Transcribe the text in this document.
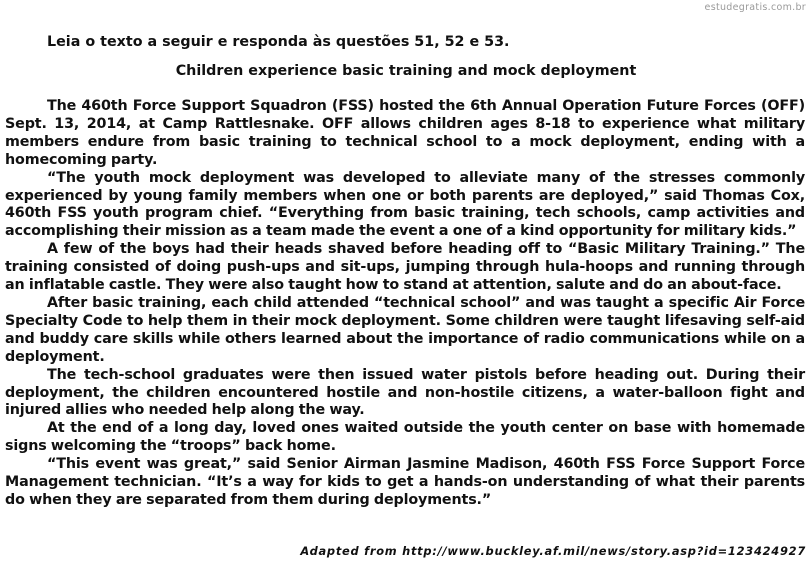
estudegratis.com.br
Leia o texto a seguir e responda às questões 51, 52 e 53.
Children experience basic training and mock deployment

The 460th Force Support Squadron (FSS) hosted the 6th Annual Operation Future Forces (OFF) Sept. 13, 2014, at Camp Rattlesnake. OFF allows children ages 8-18 to experience what military members endure from basic training to technical school to a mock deployment, ending with a homecoming party.

“The youth mock deployment was developed to alleviate many of the stresses commonly experienced by young family members when one or both parents are deployed,” said Thomas Cox, 460th FSS youth program chief. “Everything from basic training, tech schools, camp activities and accomplishing their mission as a team made the event a one of a kind opportunity for military kids.”

A few of the boys had their heads shaved before heading off to “Basic Military Training.” The training consisted of doing push-ups and sit-ups, jumping through hula-hoops and running through an inflatable castle. They were also taught how to stand at attention, salute and do an about-face.

After basic training, each child attended “technical school” and was taught a specific Air Force Specialty Code to help them in their mock deployment. Some children were taught lifesaving self-aid and buddy care skills while others learned about the importance of radio communications while on a deployment.

The tech-school graduates were then issued water pistols before heading out. During their deployment, the children encountered hostile and non-hostile citizens, a water-balloon fight and injured allies who needed help along the way.

At the end of a long day, loved ones waited outside the youth center on base with homemade signs welcoming the “troops” back home.

“This event was great,” said Senior Airman Jasmine Madison, 460th FSS Force Support Force Management technician. “It’s a way for kids to get a hands-on understanding of what their parents do when they are separated from them during deployments.”

Adapted from http://www.buckley.af.mil/news/story.asp?id=123424927
